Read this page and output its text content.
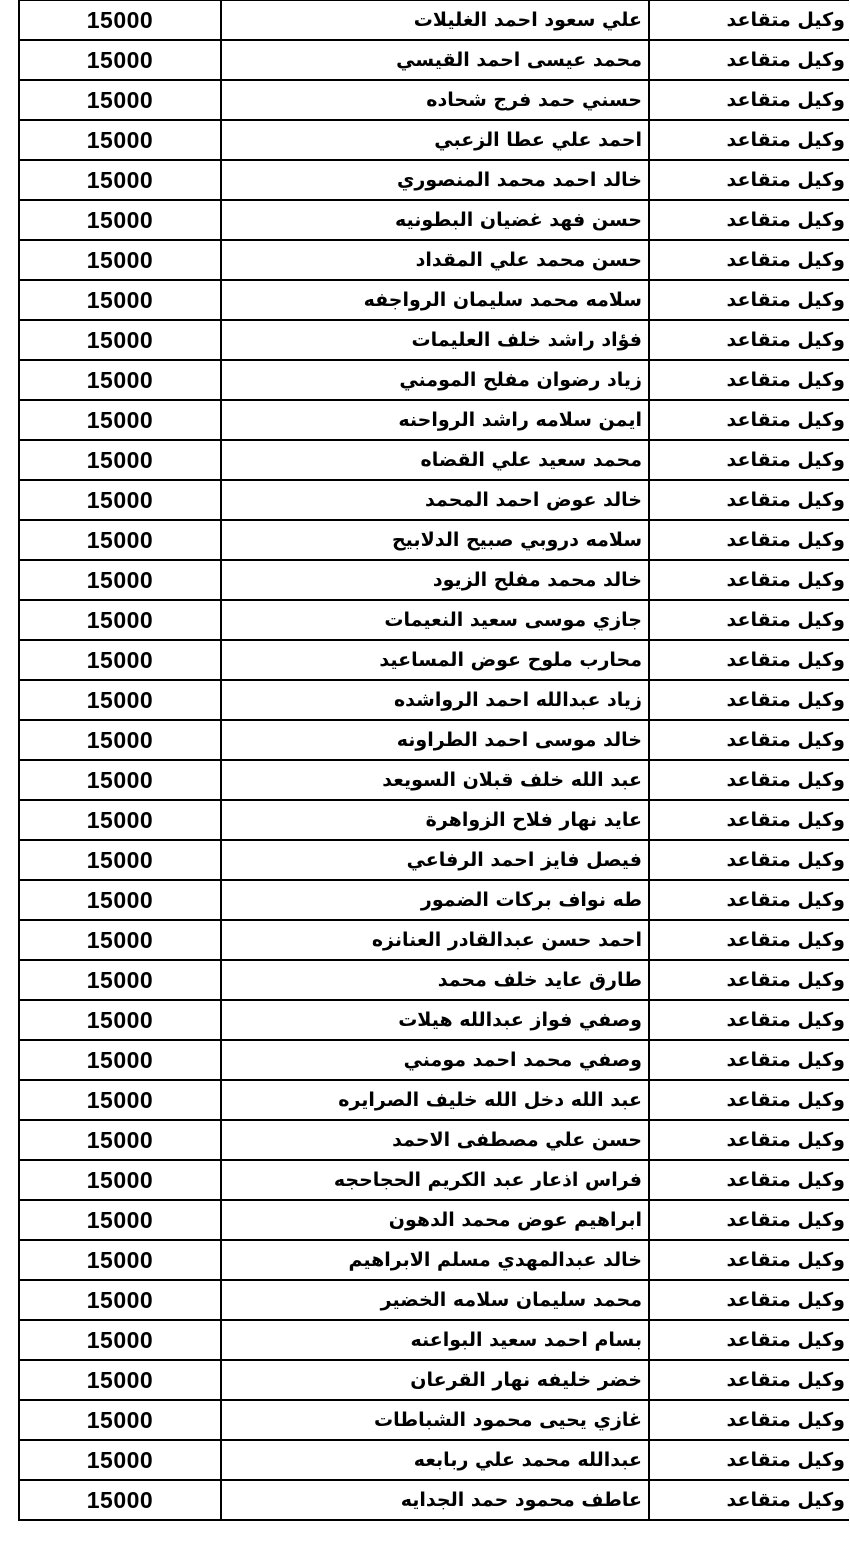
15000	علي سعود احمد الغليلات	وكيل متقاعد
15000	محمد عيسى احمد القيسي	وكيل متقاعد
15000	حسني حمد فرج شحاده	وكيل متقاعد
15000	احمد علي عطا الزعبي	وكيل متقاعد
15000	خالد احمد محمد المنصوري	وكيل متقاعد
15000	حسن فهد غضيان البطونيه	وكيل متقاعد
15000	حسن محمد علي المقداد	وكيل متقاعد
15000	سلامه محمد سليمان الرواجفه	وكيل متقاعد
15000	فؤاد راشد خلف العليمات	وكيل متقاعد
15000	زياد رضوان مفلح المومني	وكيل متقاعد
15000	ايمن سلامه راشد الرواحنه	وكيل متقاعد
15000	محمد سعيد علي القضاه	وكيل متقاعد
15000	خالد عوض احمد المحمد	وكيل متقاعد
15000	سلامه دروبي صبيح الدلابيح	وكيل متقاعد
15000	خالد محمد مفلح الزيود	وكيل متقاعد
15000	جازي موسى سعيد النعيمات	وكيل متقاعد
15000	محارب ملوح عوض المساعيد	وكيل متقاعد
15000	زياد عبدالله احمد الرواشده	وكيل متقاعد
15000	خالد موسى احمد الطراونه	وكيل متقاعد
15000	عبد الله خلف قبلان السويعد	وكيل متقاعد
15000	عايد نهار فلاح الزواهرة	وكيل متقاعد
15000	فيصل فايز احمد الرفاعي	وكيل متقاعد
15000	طه نواف بركات الضمور	وكيل متقاعد
15000	احمد حسن عبدالقادر العنانزه	وكيل متقاعد
15000	طارق عايد خلف محمد	وكيل متقاعد
15000	وصفي فواز عبدالله هيلات	وكيل متقاعد
15000	وصفي محمد احمد مومني	وكيل متقاعد
15000	عبد الله دخل الله خليف الصرايره	وكيل متقاعد
15000	حسن علي مصطفى الاحمد	وكيل متقاعد
15000	فراس اذعار عبد الكريم الحجاحجه	وكيل متقاعد
15000	ابراهيم عوض محمد الدهون	وكيل متقاعد
15000	خالد عبدالمهدي مسلم الابراهيم	وكيل متقاعد
15000	محمد سليمان سلامه الخضير	وكيل متقاعد
15000	بسام احمد سعيد البواعنه	وكيل متقاعد
15000	خضر خليفه نهار القرعان	وكيل متقاعد
15000	غازي يحيى محمود الشباطات	وكيل متقاعد
15000	عبدالله محمد علي ربابعه	وكيل متقاعد
15000	عاطف محمود حمد الجدايه	وكيل متقاعد
